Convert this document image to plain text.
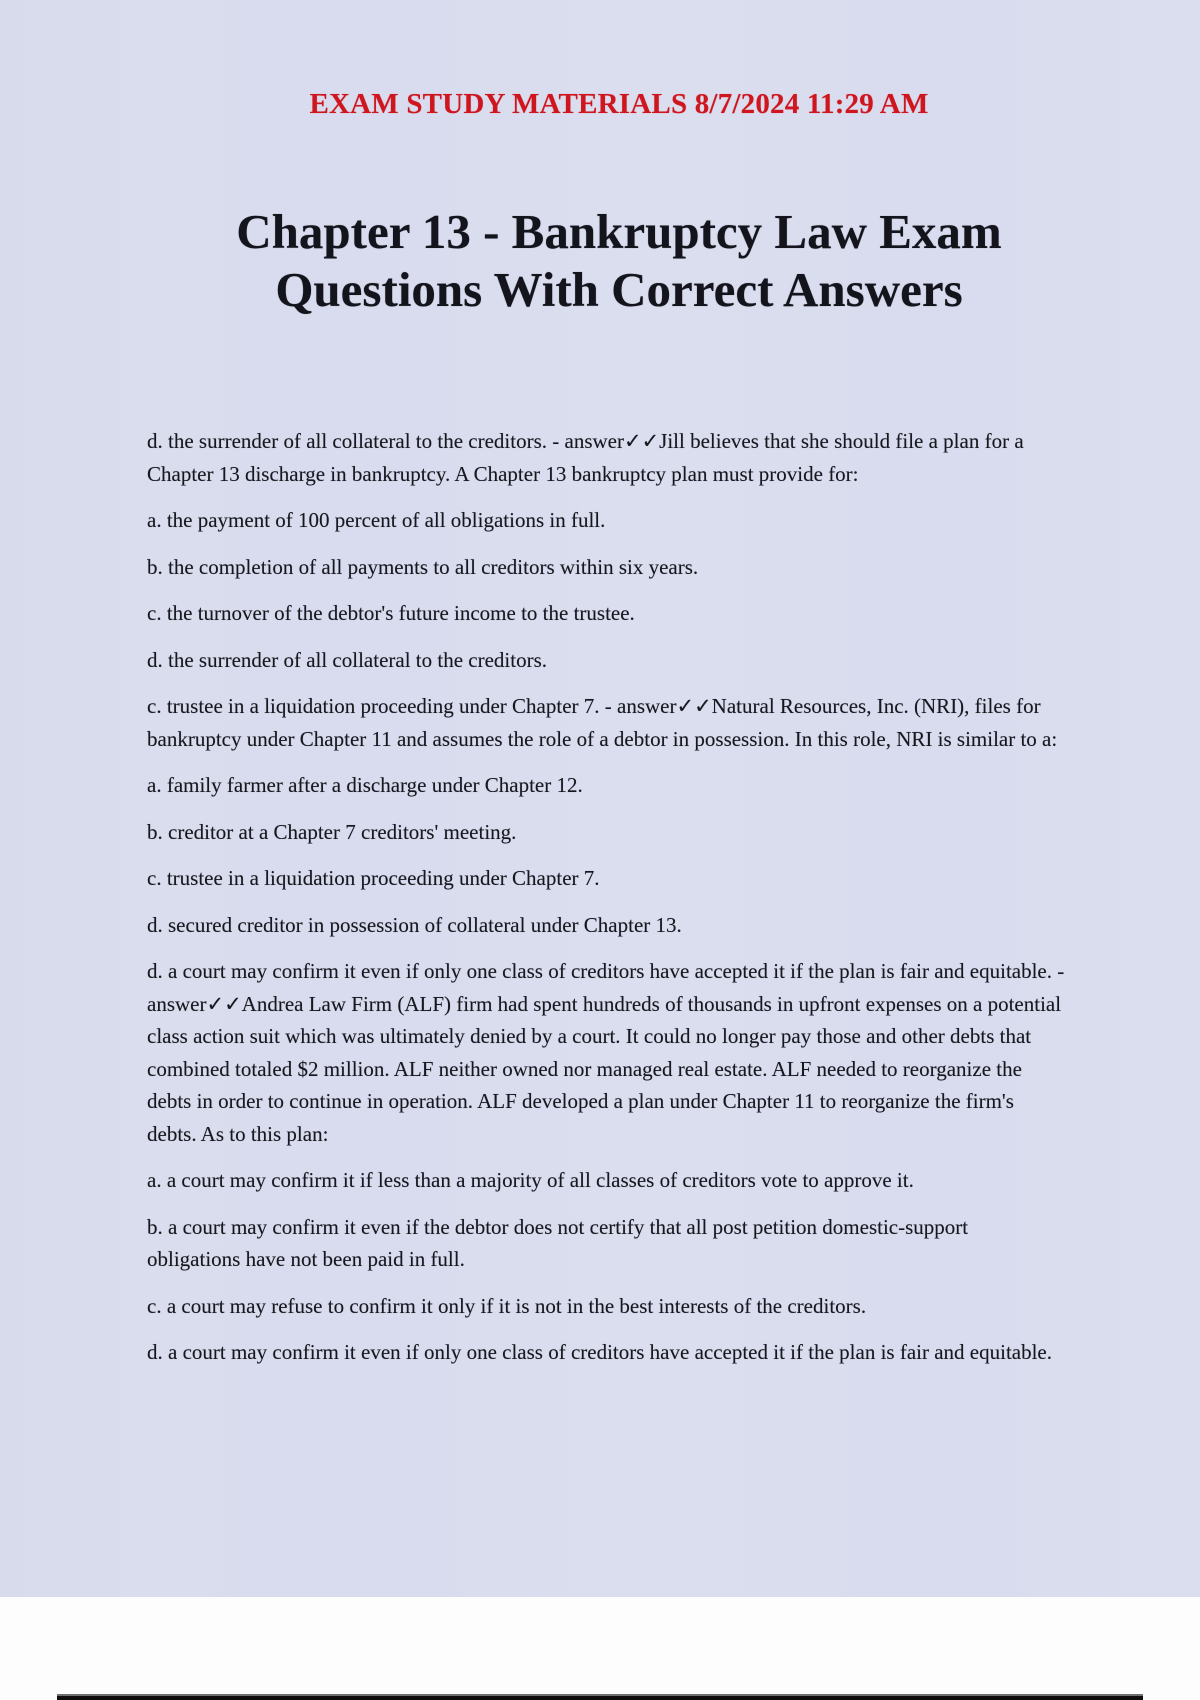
EXAM STUDY MATERIALS 8/7/2024 11:29 AM
Chapter 13 - Bankruptcy Law Exam
Questions With Correct Answers

d. the surrender of all collateral to the creditors. - answer✓✓Jill believes that she should file a plan for a Chapter 13 discharge in bankruptcy. A Chapter 13 bankruptcy plan must provide for:

a. the payment of 100 percent of all obligations in full.

b. the completion of all payments to all creditors within six years.

c. the turnover of the debtor's future income to the trustee.

d. the surrender of all collateral to the creditors.

c. trustee in a liquidation proceeding under Chapter 7. - answer✓✓Natural Resources, Inc. (NRI), files for bankruptcy under Chapter 11 and assumes the role of a debtor in possession. In this role, NRI is similar to a:

a. family farmer after a discharge under Chapter 12.

b. creditor at a Chapter 7 creditors' meeting.

c. trustee in a liquidation proceeding under Chapter 7.

d. secured creditor in possession of collateral under Chapter 13.

d. a court may confirm it even if only one class of creditors have accepted it if the plan is fair and equitable. - answer✓✓Andrea Law Firm (ALF) firm had spent hundreds of thousands in upfront expenses on a potential class action suit which was ultimately denied by a court. It could no longer pay those and other debts that combined totaled $2 million. ALF neither owned nor managed real estate. ALF needed to reorganize the debts in order to continue in operation. ALF developed a plan under Chapter 11 to reorganize the firm's debts. As to this plan:

a. a court may confirm it if less than a majority of all classes of creditors vote to approve it.

b. a court may confirm it even if the debtor does not certify that all post petition domestic-support obligations have not been paid in full.

c. a court may refuse to confirm it only if it is not in the best interests of the creditors.

d. a court may confirm it even if only one class of creditors have accepted it if the plan is fair and equitable.
